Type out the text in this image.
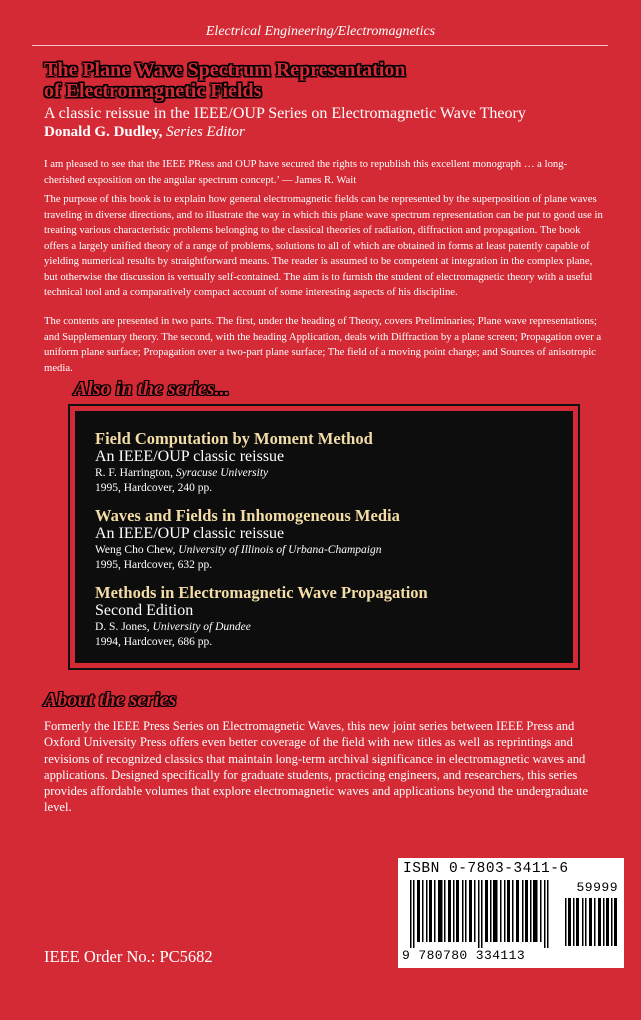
Electrical Engineering/Electromagnetics
The Plane Wave Spectrum Representation
of Electromagnetic Fields
A classic reissue in the IEEE/OUP Series on Electromagnetic Wave Theory
Donald G. Dudley, Series Editor

I am pleased to see that the IEEE PRess and OUP have secured the rights to republish this excellent monograph … a long-cherished exposition on the angular spectrum concept.’ — James R. Wait

The purpose of this book is to explain how general electromagnetic fields can be represented by the superposition of plane waves traveling in diverse directions, and to illustrate the way in which this plane wave spectrum representation can be put to good use in treating various characteristic problems belonging to the classical theories of radiation, diffraction and propagation. The book offers a largely unified theory of a range of problems, solutions to all of which are obtained in forms at least patently capable of yielding numerical results by straightforward means. The reader is assumed to be competent at integration in the complex plane, but otherwise the discussion is vertually self-contained. The aim is to furnish the student of electromagnetic theory with a useful technical tool and a comparatively compact account of some interesting aspects of his discipline.

The contents are presented in two parts. The first, under the heading of Theory, covers Preliminaries; Plane wave representations; and Supplementary theory. The second, with the heading Application, deals with Diffraction by a plane screen; Propagation over a uniform plane surface; Propagation over a two-part plane surface; The field of a moving point charge; and Sources of anisotropic media.

Also in the series...
Field Computation by Moment Method
An IEEE/OUP classic reissue
R. F. Harrington, Syracuse University
1995, Hardcover, 240 pp.
Waves and Fields in Inhomogeneous Media
An IEEE/OUP classic reissue
Weng Cho Chew, University of Illinois of Urbana-Champaign
1995, Hardcover, 632 pp.
Methods in Electromagnetic Wave Propagation
Second Edition
D. S. Jones, University of Dundee
1994, Hardcover, 686 pp.
About the series

Formerly the IEEE Press Series on Electromagnetic Waves, this new joint series between IEEE Press and Oxford University Press offers even better coverage of the field with new titles as well as reprintings and revisions of recognized classics that maintain long-term archival significance in electromagnetic waves and applications. Designed specifically for graduate students, practicing engineers, and researchers, this series provides affordable volumes that explore electromagnetic waves and applications beyond the undergraduate level.

IEEE Order No.: PC5682
ISBN 0-7803-3411-6
59999
9 780780 334113
